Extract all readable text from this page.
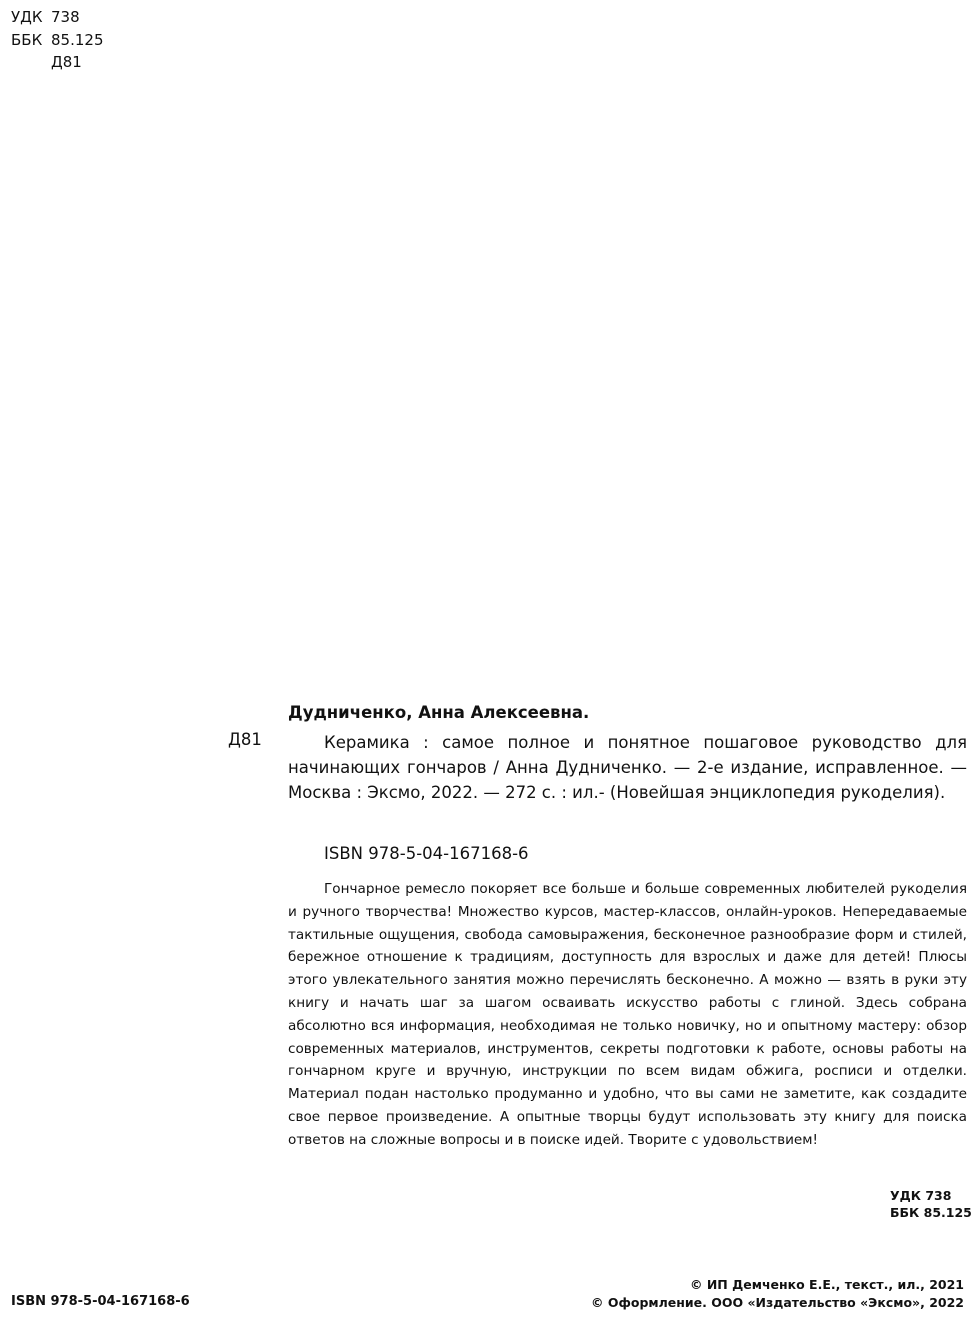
УДК 738
ББК 85.125
Д81
Дудниченко, Анна Алексеевна.
Д81	Керамика : самое полное и понятное пошаговое руководство для начинающих гончаров / Анна Дудниченко. — 2-е издание, исправленное. — Москва : Эксмо, 2022. — 272 с. : ил.- (Новейшая энциклопедия рукоделия).
ISBN 978-5-04-167168-6
Гончарное ремесло покоряет все больше и больше современных любителей рукоделия и ручного творчества! Множество курсов, мастер-классов, онлайн-уроков. Непередаваемые тактильные ощущения, свобода самовыражения, бесконечное разнообразие форм и стилей, бережное отношение к традициям, доступность для взрослых и даже для детей! Плюсы этого увлекательного занятия можно перечислять бесконечно. А можно — взять в руки эту книгу и начать шаг за шагом осваивать искусство работы с глиной. Здесь собрана абсолютно вся информация, необходимая не только новичку, но и опытному мастеру: обзор современных материалов, инструментов, секреты подготовки к работе, основы работы на гончарном круге и вручную, инструкции по всем видам обжига, росписи и отделки. Материал подан настолько продуманно и удобно, что вы сами не заметите, как создадите свое первое произведение. А опытные творцы будут использовать эту книгу для поиска ответов на сложные вопросы и в поиске идей. Творите с удовольствием!
УДК 738
ББК 85.125
ISBN 978-5-04-167168-6
© ИП Демченко Е.Е., текст., ил., 2021
© Оформление. ООО «Издательство «Эксмо», 2022
